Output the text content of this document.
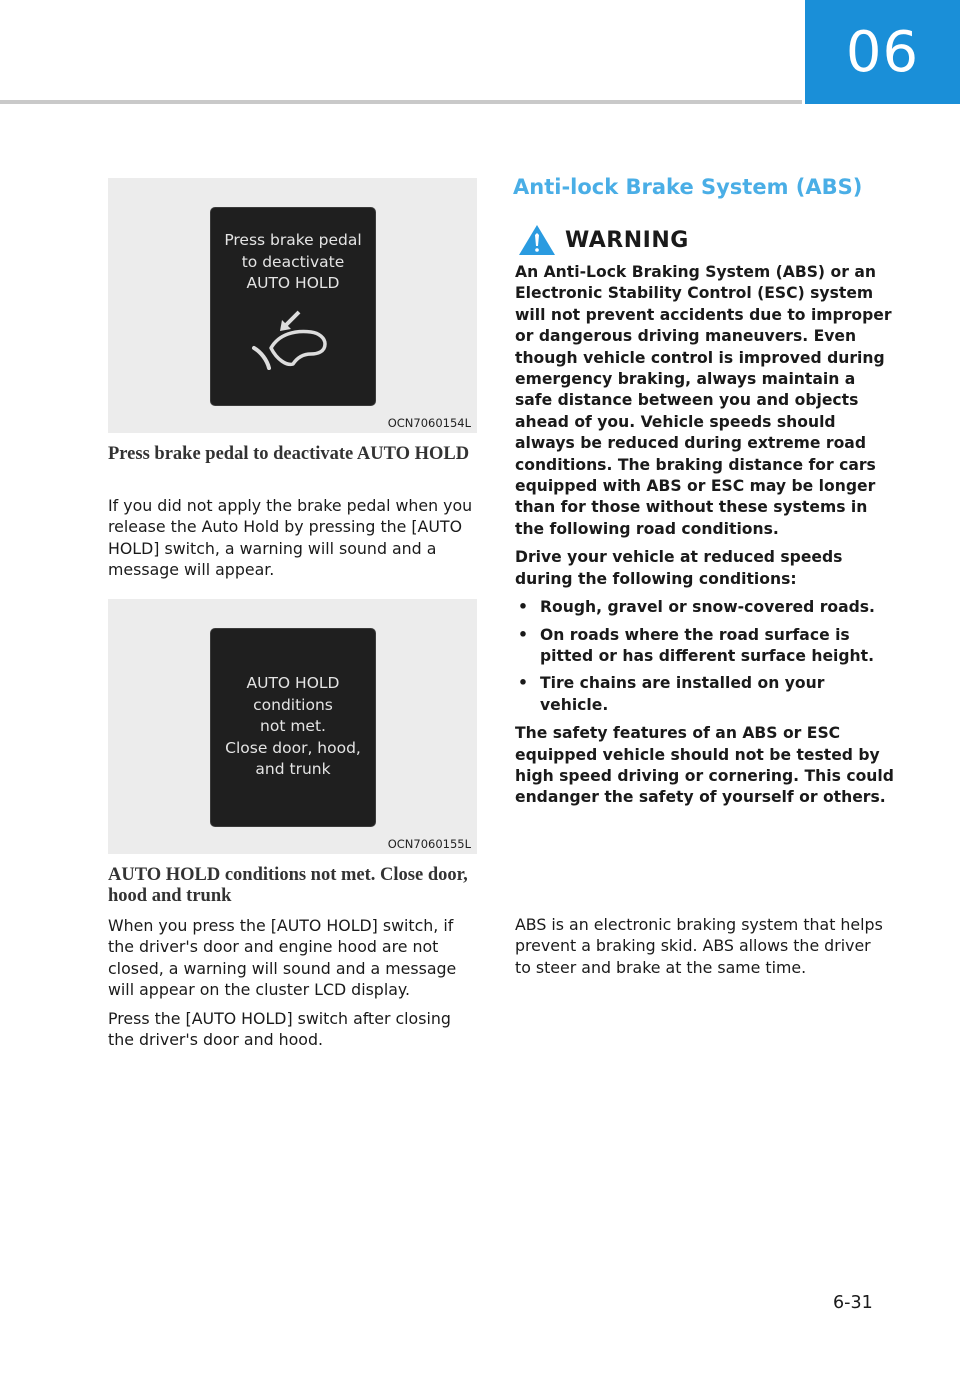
06
Press brake pedal
to deactivate
AUTO HOLD
OCN7060154L
Press brake pedal to deactivate AUTO HOLD

If you did not apply the brake pedal when you release the Auto Hold by pressing the [AUTO HOLD] switch, a warning will sound and a message will appear.

AUTO HOLD
conditions
not met.
Close door, hood,
and trunk
OCN7060155L
AUTO HOLD conditions not met. Close door, hood and trunk

When you press the [AUTO HOLD] switch, if the driver's door and engine hood are not closed, a warning will sound and a message will appear on the cluster LCD display.

Press the [AUTO HOLD] switch after closing the driver's door and hood.

Anti-lock Brake System (ABS)
WARNING

An Anti-Lock Braking System (ABS) or an Electronic Stability Control (ESC) system will not prevent accidents due to improper or dangerous driving maneuvers. Even though vehicle control is improved during emergency braking, always maintain a safe distance between you and objects ahead of you. Vehicle speeds should always be reduced during extreme road conditions. The braking distance for cars equipped with ABS or ESC may be longer than for those without these systems in the following road conditions.

Drive your vehicle at reduced speeds during the following conditions:

• Rough, gravel or snow-covered roads.
• On roads where the road surface is pitted or has different surface height.
• Tire chains are installed on your vehicle.

The safety features of an ABS or ESC equipped vehicle should not be tested by high speed driving or cornering. This could endanger the safety of yourself or others.

ABS is an electronic braking system that helps prevent a braking skid. ABS allows the driver to steer and brake at the same time.
6-31
